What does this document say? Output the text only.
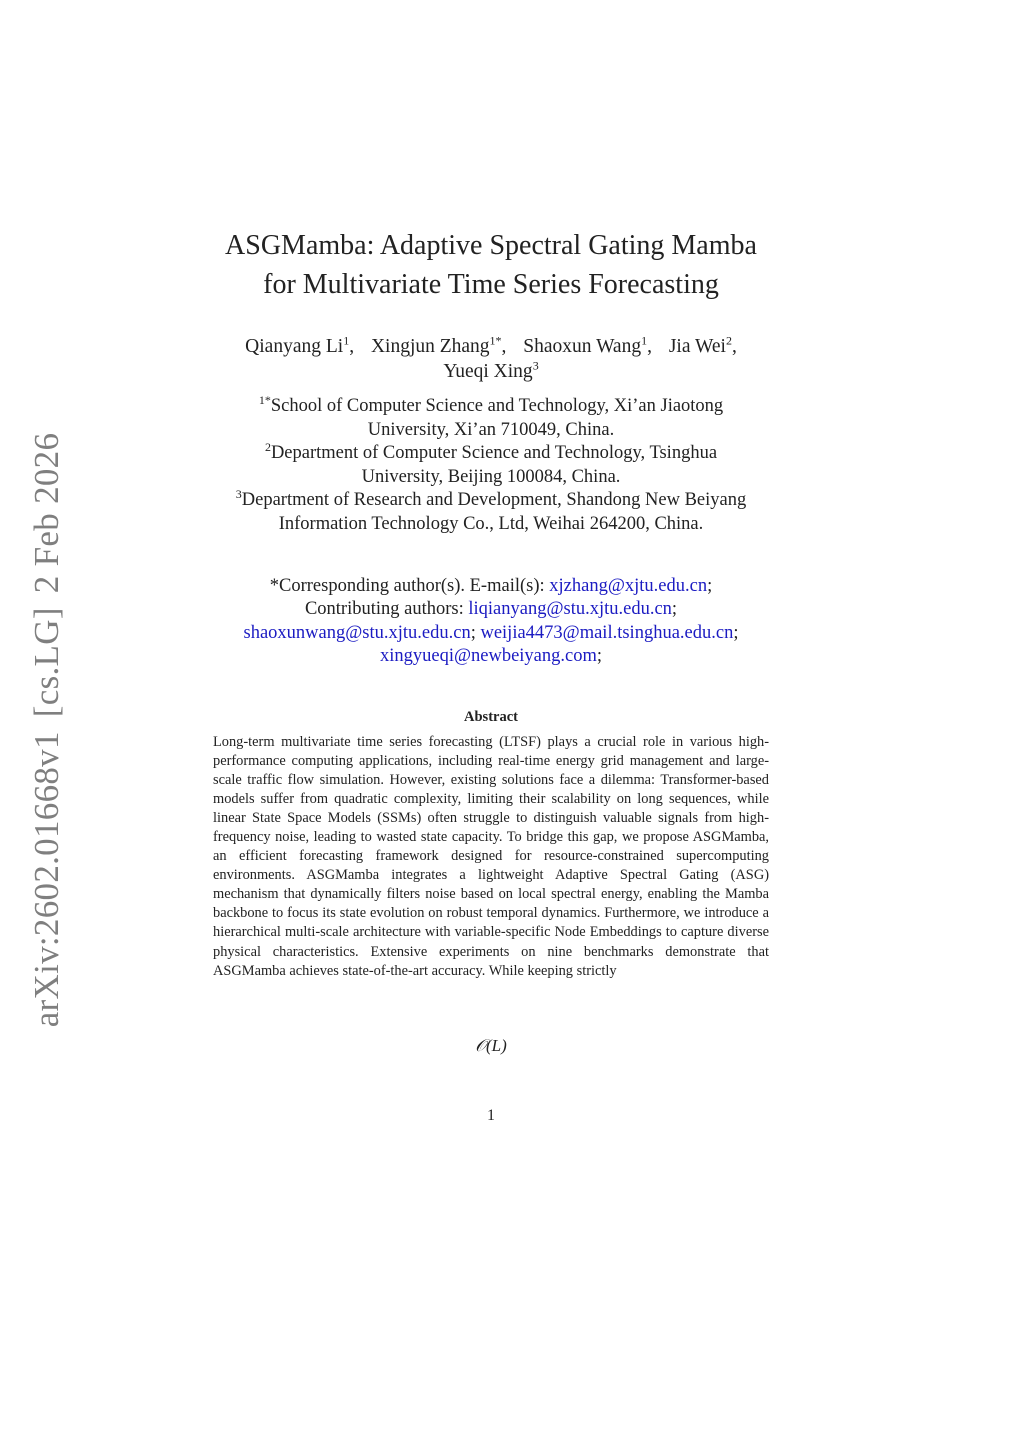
arXiv:2602.01668v1[cs.LG]2 Feb 2026
ASGMamba: Adaptive Spectral Gating Mamba
for Multivariate Time Series Forecasting
Qianyang Li$^1$, Xingjun Zhang$^{1*}$, Shaoxun Wang$^1$, Jia Wei$^2$,
Yueqi Xing$^3$
$^{1*}$School of Computer Science and Technology, Xi’an Jiaotong
University, Xi’an 710049, China.
$^2$Department of Computer Science and Technology, Tsinghua
University, Beijing 100084, China.
$^3$Department of Research and Development, Shandong New Beiyang
Information Technology Co., Ltd, Weihai 264200, China.
*Corresponding author(s). E-mail(s): xjzhang@xjtu.edu.cn;
Contributing authors: liqianyang@stu.xjtu.edu.cn;
shaoxunwang@stu.xjtu.edu.cn; weijia4473@mail.tsinghua.edu.cn;
xingyueqi@newbeiyang.com;
Abstract
Long-term multivariate time series forecasting (LTSF) plays a crucial role in various high-performance computing applications, including real-time energy grid management and large-scale traffic flow simulation. However, existing solutions face a dilemma: Transformer-based models suffer from quadratic complexity, limiting their scalability on long sequences, while linear State Space Models (SSMs) often struggle to distinguish valuable signals from high-frequency noise, leading to wasted state capacity. To bridge this gap, we propose ASGMamba, an efficient forecasting framework designed for resource-constrained supercomputing environments. ASGMamba integrates a lightweight Adaptive Spectral Gating (ASG) mechanism that dynamically filters noise based on local spectral energy, enabling the Mamba backbone to focus its state evolution on robust temporal dynamics. Furthermore, we introduce a hierarchical multi-scale architecture with variable-specific Node Embeddings to capture diverse physical characteristics. Extensive experiments on nine benchmarks demonstrate that ASGMamba achieves state-of-the-art accuracy. While keeping strictly
𝒪(L)
1
